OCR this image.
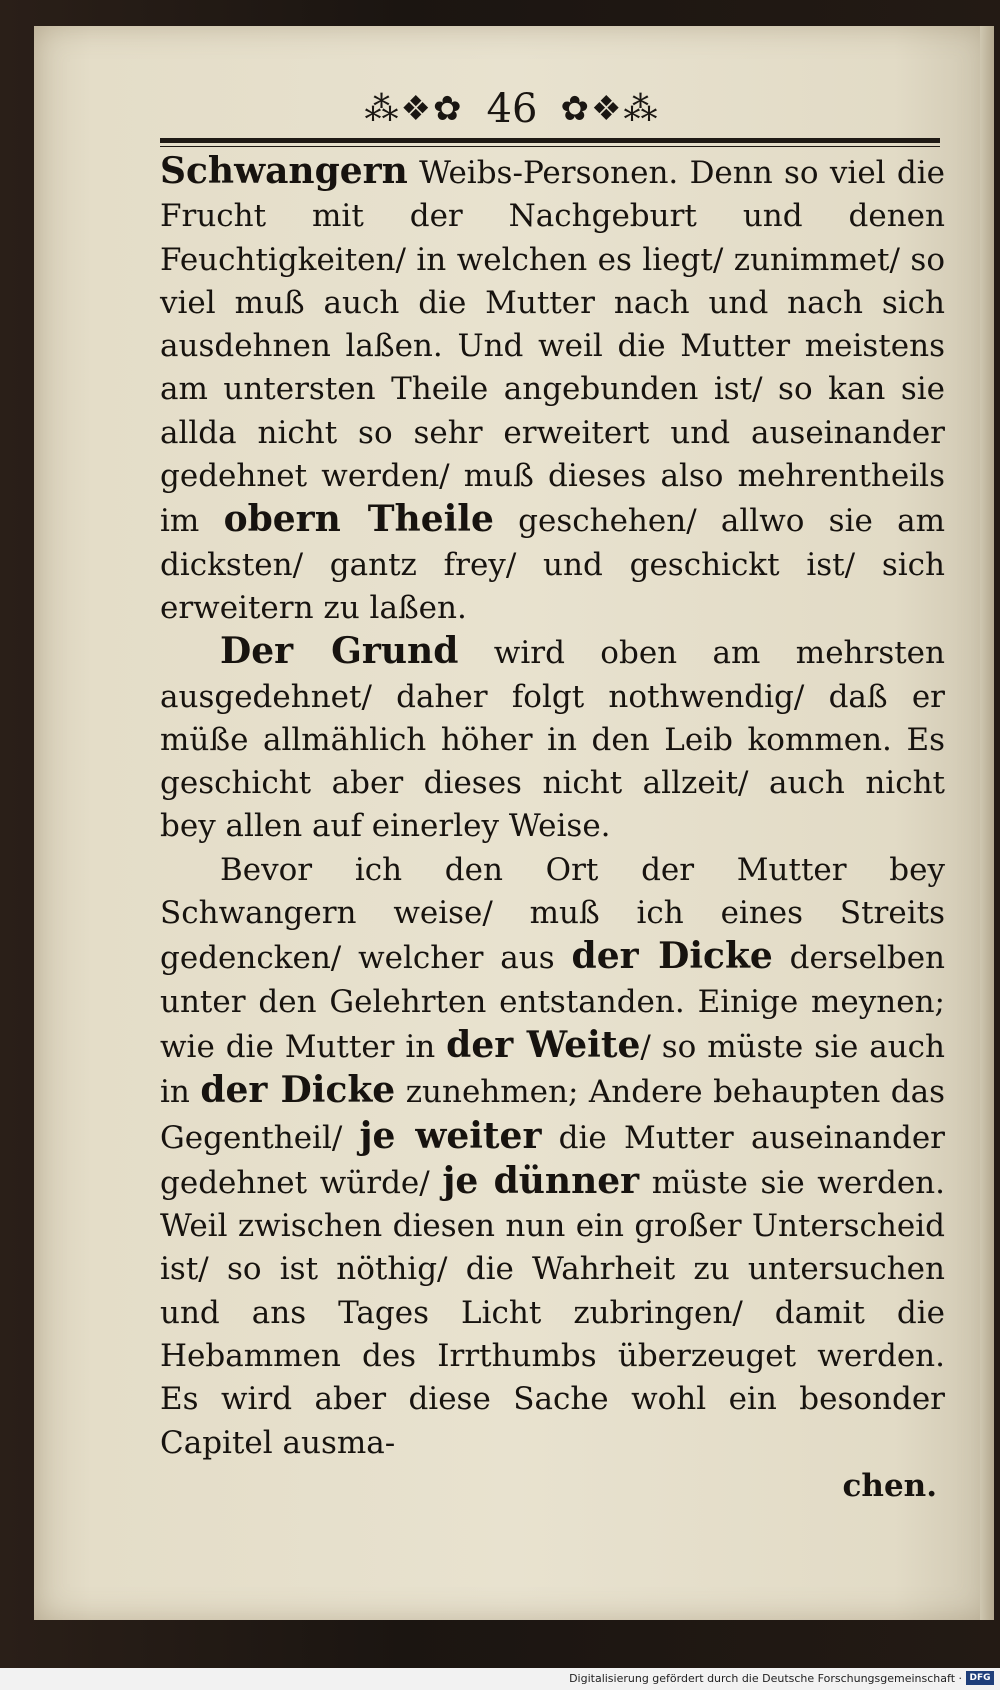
⁂❖✿ 46 ✿❖⁂

Schwangern Weibs-Personen. Denn so viel die Frucht mit der Nachgeburt und denen Feuchtigkeiten/ in welchen es liegt/ zunimmet/ so viel muß auch die Mutter nach und nach sich ausdehnen laßen. Und weil die Mutter meistens am untersten Theile angebunden ist/ so kan sie allda nicht so sehr erweitert und auseinander gedehnet werden/ muß dieses also mehrentheils im obern Theile geschehen/ allwo sie am dicksten/ gantz frey/ und geschickt ist/ sich erweitern zu laßen.

Der Grund wird oben am mehrsten ausgedehnet/ daher folgt nothwendig/ daß er müße allmählich höher in den Leib kommen. Es geschicht aber dieses nicht allzeit/ auch nicht bey allen auf einerley Weise.

Bevor ich den Ort der Mutter bey Schwangern weise/ muß ich eines Streits gedencken/ welcher aus der Dicke derselben unter den Gelehrten entstanden. Einige meynen; wie die Mutter in der Weite/ so müste sie auch in der Dicke zunehmen; Andere behaupten das Gegentheil/ je weiter die Mutter auseinander gedehnet würde/ je dünner müste sie werden. Weil zwischen diesen nun ein großer Unterscheid ist/ so ist nöthig/ die Wahrheit zu untersuchen und ans Tages Licht zubringen/ damit die Hebammen des Irrthumbs überzeuget werden. Es wird aber diese Sache wohl ein besonder Capitel ausma-
chen.

Digitalisierung gefördert durch die Deutsche Forschungsgemeinschaft · DFG
